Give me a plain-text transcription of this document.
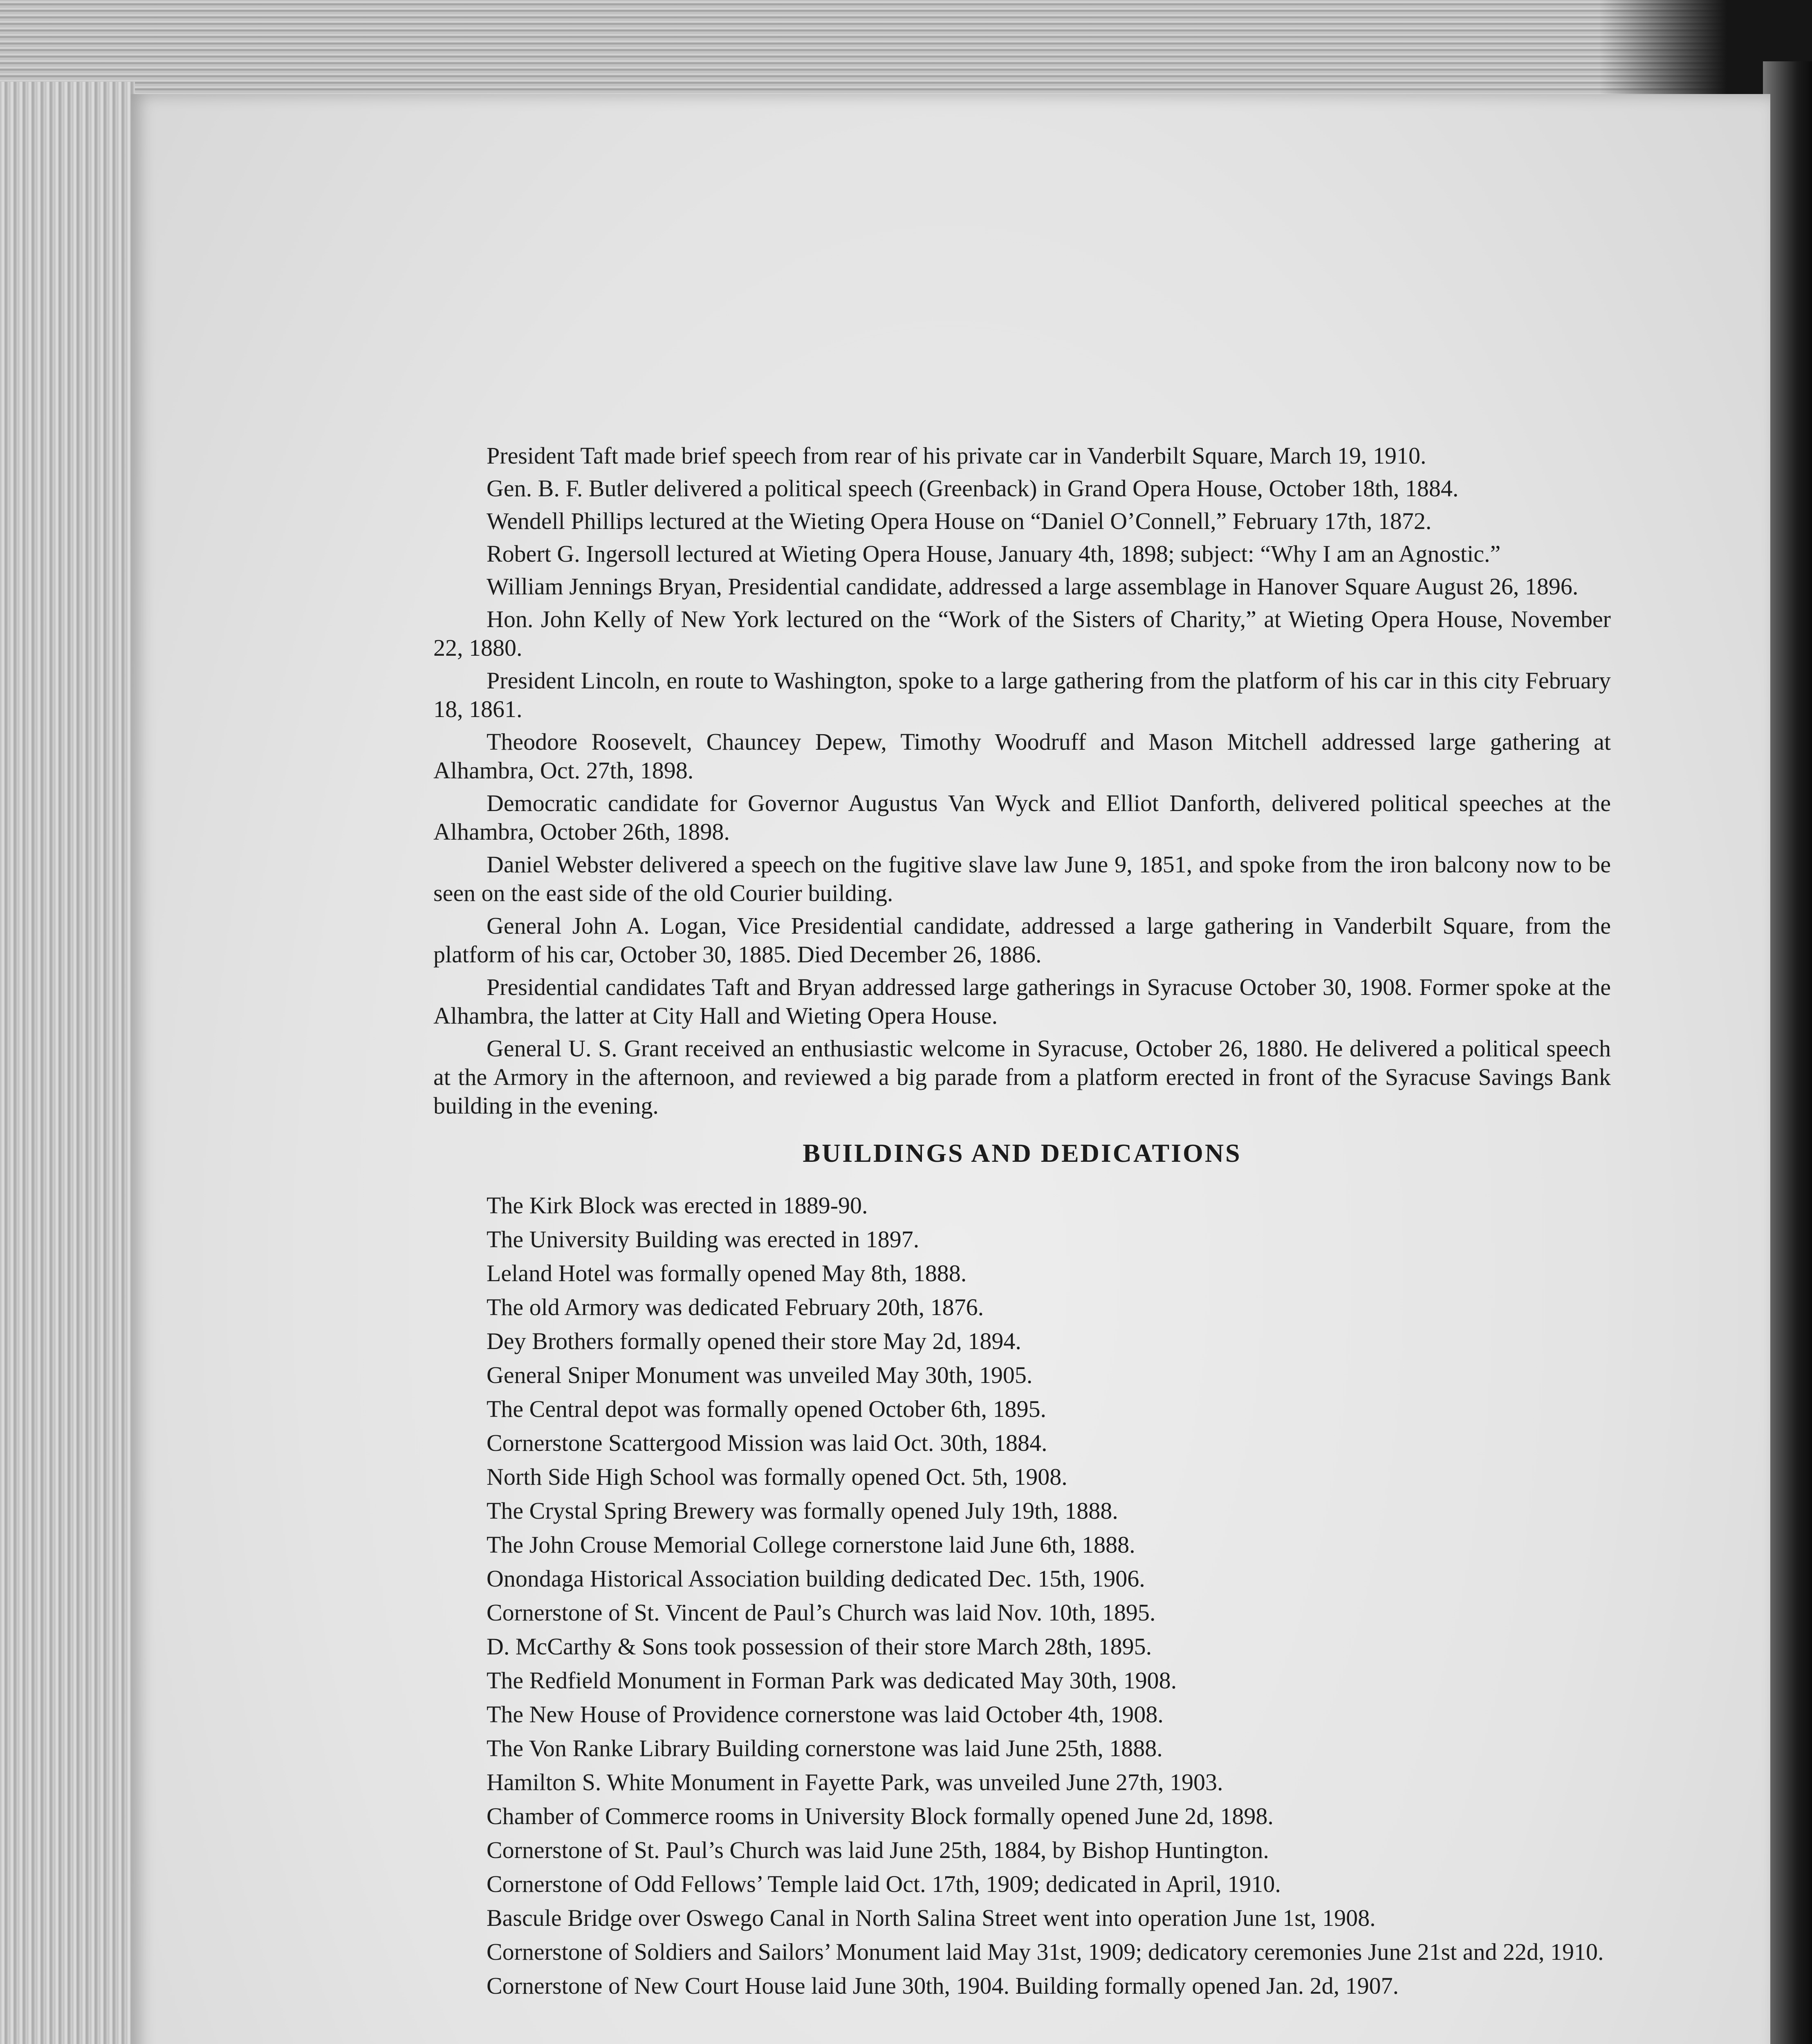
President Taft made brief speech from rear of his private car in Vanderbilt Square, March 19, 1910.

Gen. B. F. Butler delivered a political speech (Greenback) in Grand Opera House, October 18th, 1884.

Wendell Phillips lectured at the Wieting Opera House on “Daniel O’Connell,” February 17th, 1872.

Robert G. Ingersoll lectured at Wieting Opera House, January 4th, 1898; subject: “Why I am an Agnostic.”

William Jennings Bryan, Presidential candidate, addressed a large assemblage in Hanover Square August 26, 1896.

Hon. John Kelly of New York lectured on the “Work of the Sisters of Charity,” at Wieting Opera House, November 22, 1880.

President Lincoln, en route to Washington, spoke to a large gathering from the platform of his car in this city February 18, 1861.

Theodore Roosevelt, Chauncey Depew, Timothy Woodruff and Mason Mitchell addressed large gathering at Alhambra, Oct. 27th, 1898.

Democratic candidate for Governor Augustus Van Wyck and Elliot Danforth, delivered political speeches at the Alhambra, October 26th, 1898.

Daniel Webster delivered a speech on the fugitive slave law June 9, 1851, and spoke from the iron balcony now to be seen on the east side of the old Courier building.

General John A. Logan, Vice Presidential candidate, addressed a large gathering in Vanderbilt Square, from the platform of his car, October 30, 1885. Died December 26, 1886.

Presidential candidates Taft and Bryan addressed large gatherings in Syracuse October 30, 1908. Former spoke at the Alhambra, the latter at City Hall and Wieting Opera House.

General U. S. Grant received an enthusiastic welcome in Syracuse, October 26, 1880. He delivered a political speech at the Armory in the afternoon, and reviewed a big parade from a platform erected in front of the Syracuse Savings Bank building in the evening.

BUILDINGS AND DEDICATIONS
The Kirk Block was erected in 1889-90.
The University Building was erected in 1897.
Leland Hotel was formally opened May 8th, 1888.
The old Armory was dedicated February 20th, 1876.
Dey Brothers formally opened their store May 2d, 1894.
General Sniper Monument was unveiled May 30th, 1905.
The Central depot was formally opened October 6th, 1895.
Cornerstone Scattergood Mission was laid Oct. 30th, 1884.
North Side High School was formally opened Oct. 5th, 1908.
The Crystal Spring Brewery was formally opened July 19th, 1888.
The John Crouse Memorial College cornerstone laid June 6th, 1888.
Onondaga Historical Association building dedicated Dec. 15th, 1906.
Cornerstone of St. Vincent de Paul’s Church was laid Nov. 10th, 1895.
D. McCarthy & Sons took possession of their store March 28th, 1895.
The Redfield Monument in Forman Park was dedicated May 30th, 1908.
The New House of Providence cornerstone was laid October 4th, 1908.
The Von Ranke Library Building cornerstone was laid June 25th, 1888.
Hamilton S. White Monument in Fayette Park, was unveiled June 27th, 1903.
Chamber of Commerce rooms in University Block formally opened June 2d, 1898.
Cornerstone of St. Paul’s Church was laid June 25th, 1884, by Bishop Huntington.
Cornerstone of Odd Fellows’ Temple laid Oct. 17th, 1909; dedicated in April, 1910.
Bascule Bridge over Oswego Canal in North Salina Street went into operation June 1st, 1908.
Cornerstone of Soldiers and Sailors’ Monument laid May 31st, 1909; dedicatory ceremonies June 21st and 22d, 1910.
Cornerstone of New Court House laid June 30th, 1904. Building formally opened Jan. 2d, 1907.
